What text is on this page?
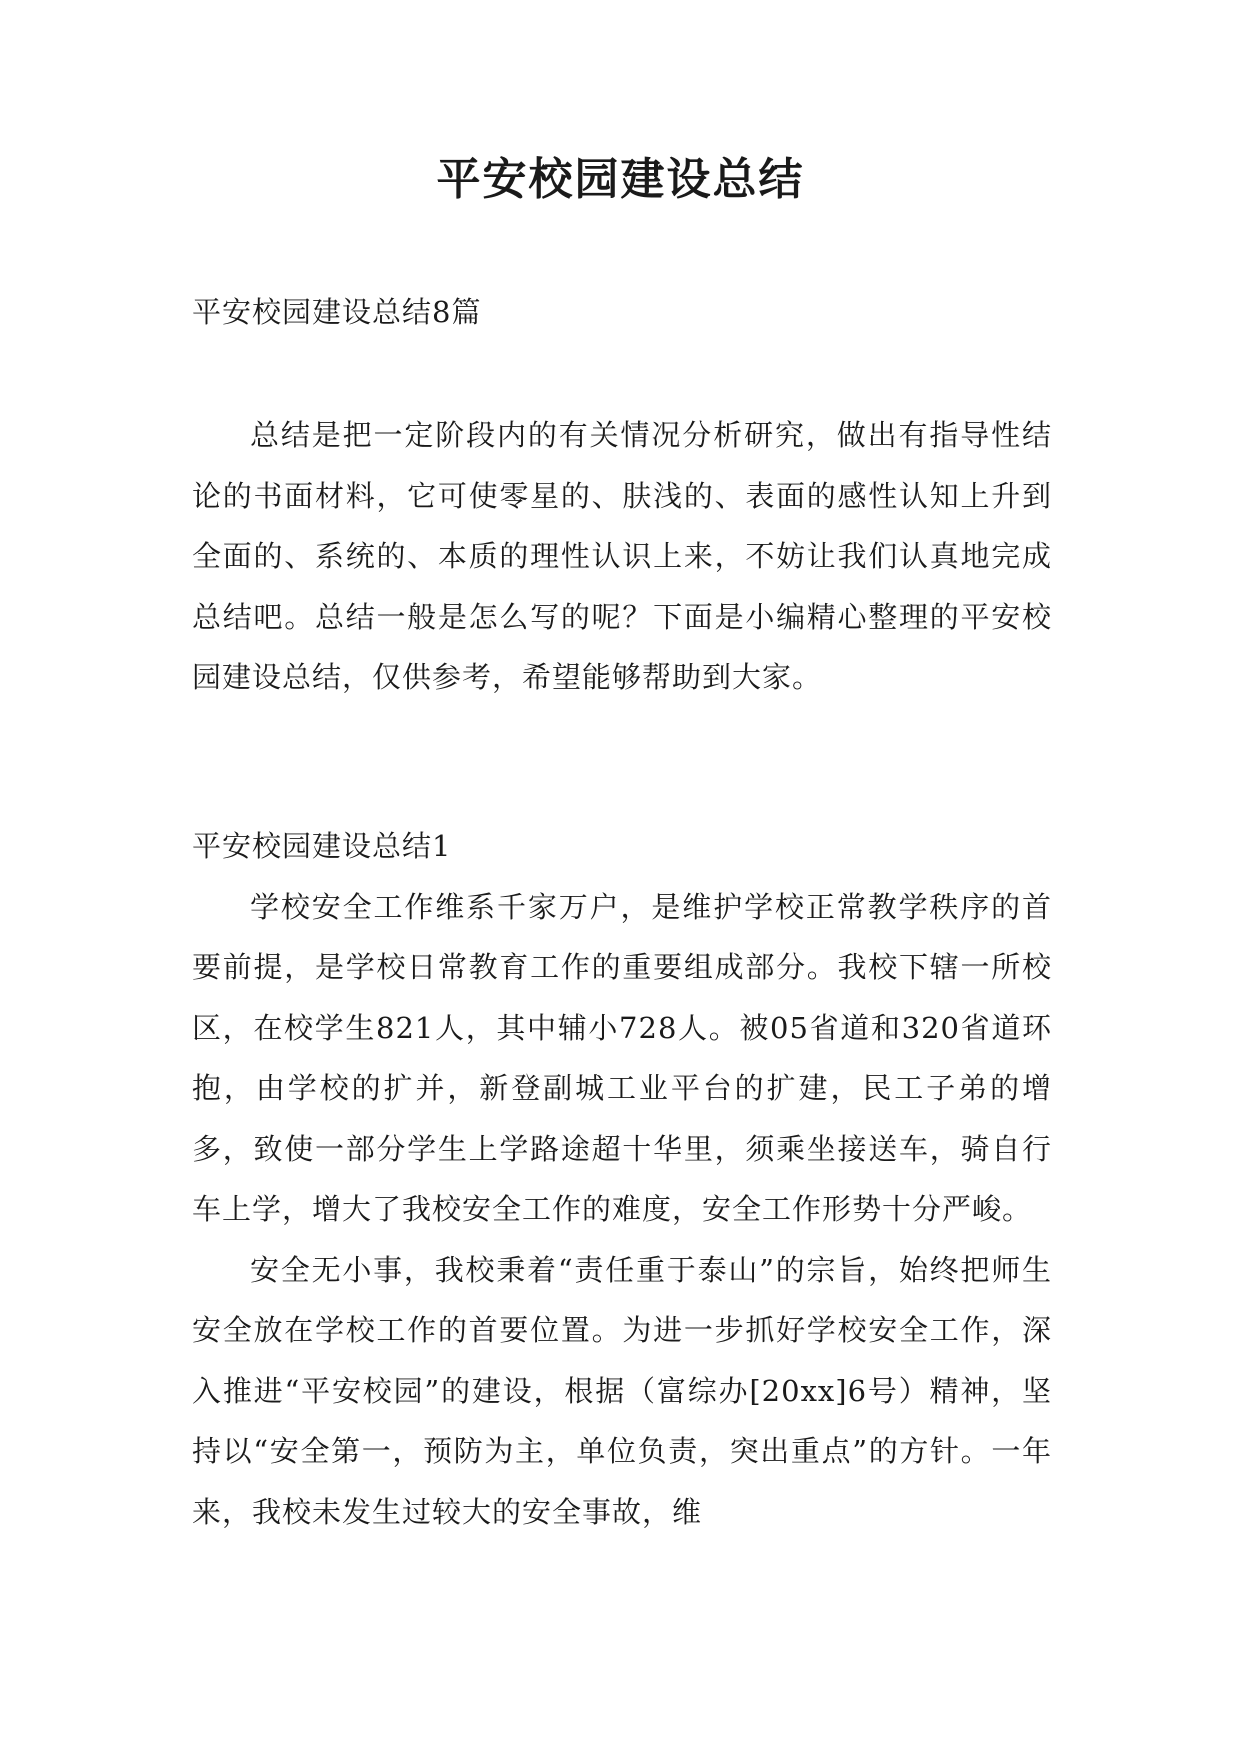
平安校园建设总结

平安校园建设总结8篇

总结是把一定阶段内的有关情况分析研究，做出有指导性结论的书面材料，它可使零星的、肤浅的、表面的感性认知上升到全面的、系统的、本质的理性认识上来，不妨让我们认真地完成总结吧。总结一般是怎么写的呢？下面是小编精心整理的平安校园建设总结，仅供参考，希望能够帮助到大家。

平安校园建设总结1

学校安全工作维系千家万户，是维护学校正常教学秩序的首要前提，是学校日常教育工作的重要组成部分。我校下辖一所校区，在校学生821人，其中辅小728人。被05省道和320省道环抱，由学校的扩并，新登副城工业平台的扩建，民工子弟的增多，致使一部分学生上学路途超十华里，须乘坐接送车，骑自行车上学，增大了我校安全工作的难度，安全工作形势十分严峻。

安全无小事，我校秉着“责任重于泰山”的宗旨，始终把师生安全放在学校工作的首要位置。为进一步抓好学校安全工作，深入推进“平安校园”的建设，根据（富综办[20xx]6号）精神，坚持以“安全第一，预防为主，单位负责，突出重点”的方针。一年来，我校未发生过较大的安全事故，维
